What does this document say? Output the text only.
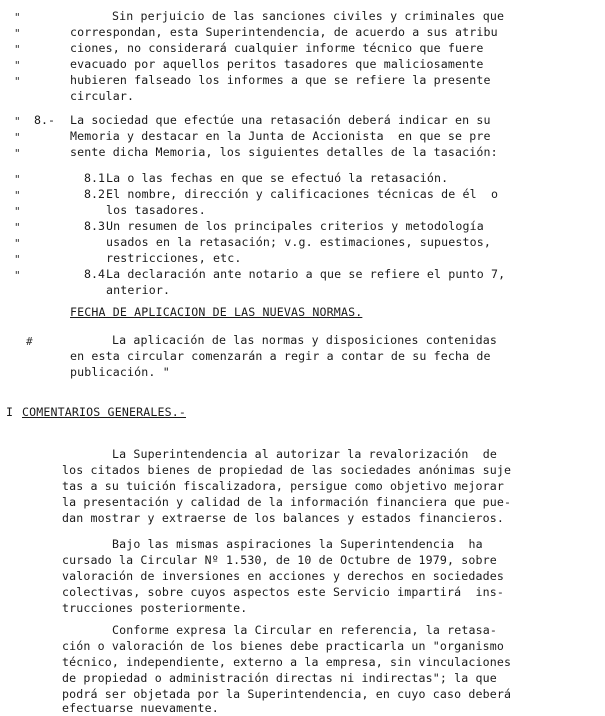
"
"
"
"
"
Sin perjuicio de las sanciones civiles y criminales que
correspondan, esta Superintendencia, de acuerdo a sus atribu
ciones, no considerará cualquier informe técnico que fuere
evacuado por aquellos peritos tasadores que maliciosamente
hubieren falseado los informes a que se refiere la presente
circular.
"
"
"
8.- La sociedad que efectúe una retasación deberá indicar en su
Memoria y destacar en la Junta de Accionista  en que se pre
sente dicha Memoria, los siguientes detalles de la tasación:
"
"
"
"
"
"
"
8.1 La o las fechas en que se efectuó la retasación.
8.2 El nombre, dirección y calificaciones técnicas de él  o
los tasadores.
8.3 Un resumen de los principales criterios y metodología
usados en la retasación; v.g. estimaciones, supuestos,
restricciones, etc.
8.4 La declaración ante notario a que se refiere el punto 7,
anterior.
FECHA DE APLICACION DE LAS NUEVAS NORMAS.
#	La aplicación de las normas y disposiciones contenidas
en esta circular comenzarán a regir a contar de su fecha de
publicación. "
I COMENTARIOS GENERALES.-
La Superintendencia al autorizar la revalorización  de
los citados bienes de propiedad de las sociedades anónimas suje
tas a su tuición fiscalizadora, persigue como objetivo mejorar
la presentación y calidad de la información financiera que pue-
dan mostrar y extraerse de los balances y estados financieros.
Bajo las mismas aspiraciones la Superintendencia  ha
cursado la Circular Nº 1.530, de 10 de Octubre de 1979, sobre
valoración de inversiones en acciones y derechos en sociedades
colectivas, sobre cuyos aspectos este Servicio impartirá  ins-
trucciones posteriormente.
Conforme expresa la Circular en referencia, la retasa-
ción o valoración de los bienes debe practicarla un "organismo
técnico, independiente, externo a la empresa, sin vinculaciones
de propiedad o administración directas ni indirectas"; la que
podrá ser objetada por la Superintendencia, en cuyo caso deberá
efectuarse nuevamente.
